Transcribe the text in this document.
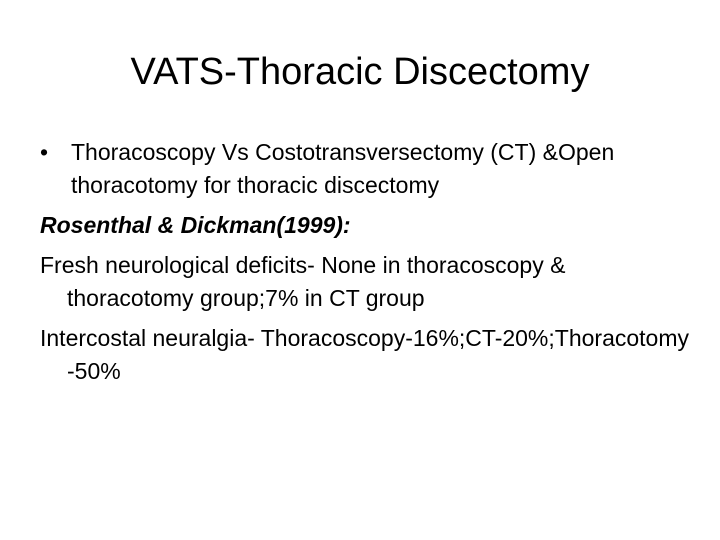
VATS-Thoracic Discectomy
• Thoracoscopy Vs Costotransversectomy (CT) &Open thoracotomy for thoracic discectomy
Rosenthal & Dickman(1999):
Fresh neurological deficits- None in thoracoscopy & thoracotomy group;7% in CT group
Intercostal neuralgia- Thoracoscopy-16%;CT-20%;Thoracotomy -50%
